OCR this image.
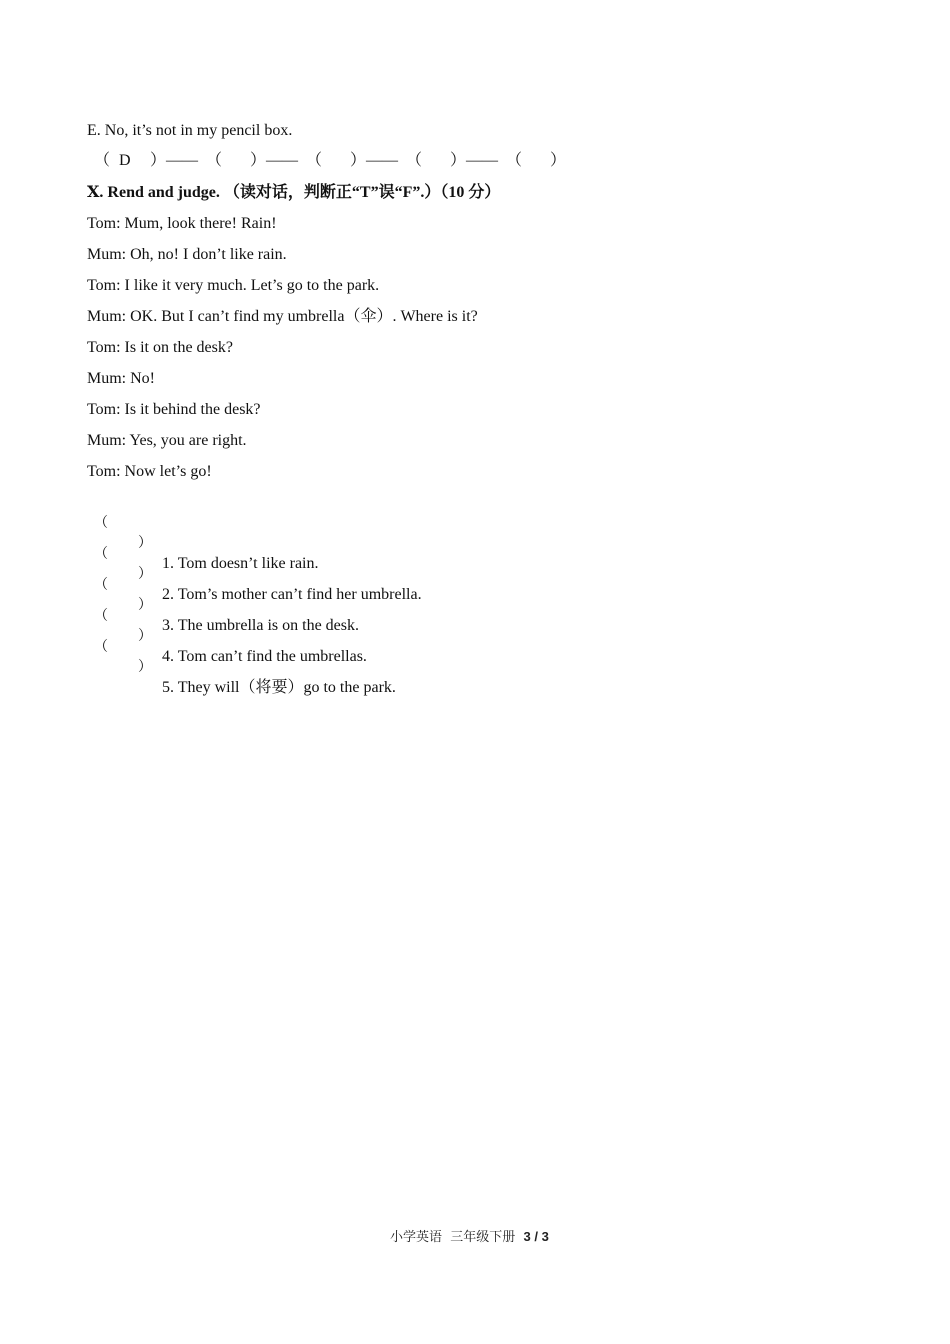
E. No, it’s not in my pencil box.
（ D ） —— （ ） —— （ ） —— （ ） —— （ ）
Ⅹ. Rend and judge. （读对话，判断正“T”误“F”.）（10 分）
Tom: Mum, look there! Rain!
Mum: Oh, no! I don’t like rain.
Tom: I like it very much. Let’s go to the park.
Mum: OK. But I can’t find my umbrella（伞）. Where is it?
Tom: Is it on the desk?
Mum: No!
Tom: Is it behind the desk?
Mum: Yes, you are right.
Tom: Now let’s go!

（

）

1. Tom doesn’t like rain.

（

）

2. Tom’s mother can’t find her umbrella.

（

）

3. The umbrella is on the desk.

（

）

4. Tom can’t find the umbrellas.

（

）

5. They will（将要）go to the park.

小学英语  三年级下册 3 / 3
